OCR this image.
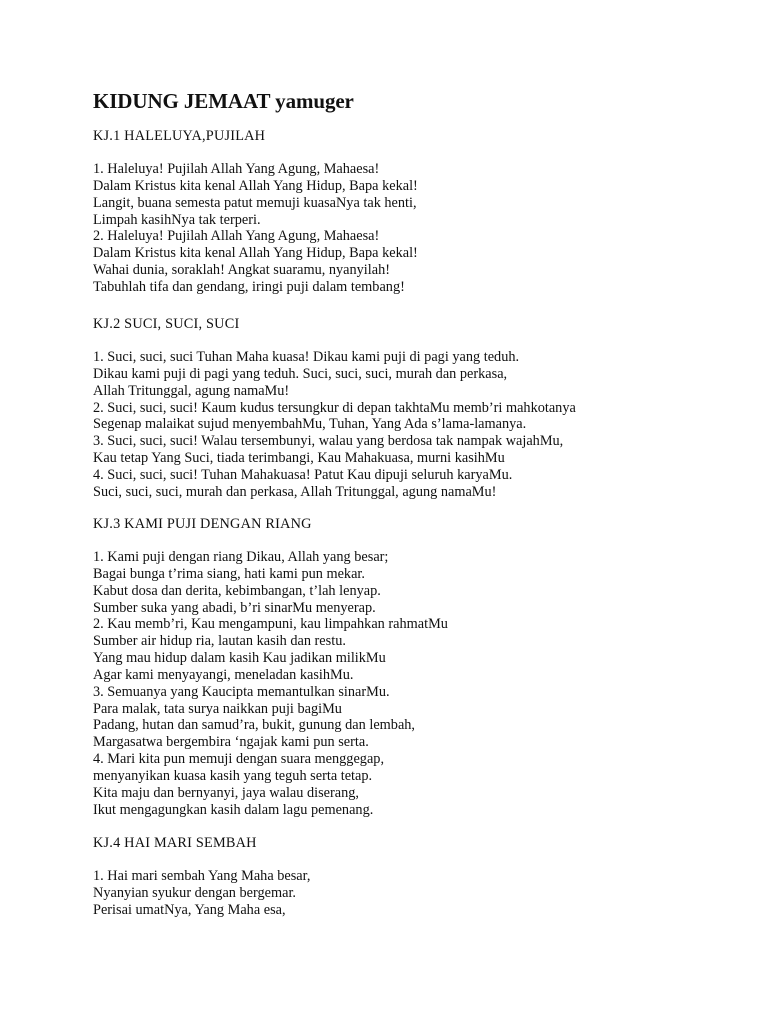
KIDUNG JEMAAT yamuger
KJ.1 HALELUYA,PUJILAH
1. Haleluya! Pujilah Allah Yang Agung, Mahaesa!
Dalam Kristus kita kenal Allah Yang Hidup, Bapa kekal!
Langit, buana semesta patut memuji kuasaNya tak henti,
Limpah kasihNya tak terperi.
2. Haleluya! Pujilah Allah Yang Agung, Mahaesa!
Dalam Kristus kita kenal Allah Yang Hidup, Bapa kekal!
Wahai dunia, soraklah! Angkat suaramu, nyanyilah!
Tabuhlah tifa dan gendang, iringi puji dalam tembang!
KJ.2 SUCI, SUCI, SUCI
1. Suci, suci, suci Tuhan Maha kuasa! Dikau kami puji di pagi yang teduh.
Dikau kami puji di pagi yang teduh. Suci, suci, suci, murah dan perkasa,
Allah Tritunggal, agung namaMu!
2. Suci, suci, suci! Kaum kudus tersungkur di depan takhtaMu memb’ri mahkotanya
Segenap malaikat sujud menyembahMu, Tuhan, Yang Ada s’lama-lamanya.
3. Suci, suci, suci! Walau tersembunyi, walau yang berdosa tak nampak wajahMu,
Kau tetap Yang Suci, tiada terimbangi, Kau Mahakuasa, murni kasihMu
4. Suci, suci, suci! Tuhan Mahakuasa! Patut Kau dipuji seluruh karyaMu.
Suci, suci, suci, murah dan perkasa, Allah Tritunggal, agung namaMu!
KJ.3 KAMI PUJI DENGAN RIANG
1. Kami puji dengan riang Dikau, Allah yang besar;
Bagai bunga t’rima siang, hati kami pun mekar.
Kabut dosa dan derita, kebimbangan, t’lah lenyap.
Sumber suka yang abadi, b’ri sinarMu menyerap.
2. Kau memb’ri, Kau mengampuni, kau limpahkan rahmatMu
Sumber air hidup ria, lautan kasih dan restu.
Yang mau hidup dalam kasih Kau jadikan milikMu
Agar kami menyayangi, meneladan kasihMu.
3. Semuanya yang Kaucipta memantulkan sinarMu.
Para malak, tata surya naikkan puji bagiMu
Padang, hutan dan samud’ra, bukit, gunung dan lembah,
Margasatwa bergembira ‘ngajak kami pun serta.
4. Mari kita pun memuji dengan suara menggegap,
menyanyikan kuasa kasih yang teguh serta tetap.
Kita maju dan bernyanyi, jaya walau diserang,
Ikut mengagungkan kasih dalam lagu pemenang.
KJ.4 HAI MARI SEMBAH
1. Hai mari sembah Yang Maha besar,
Nyanyian syukur dengan bergemar.
Perisai umatNya, Yang Maha esa,
